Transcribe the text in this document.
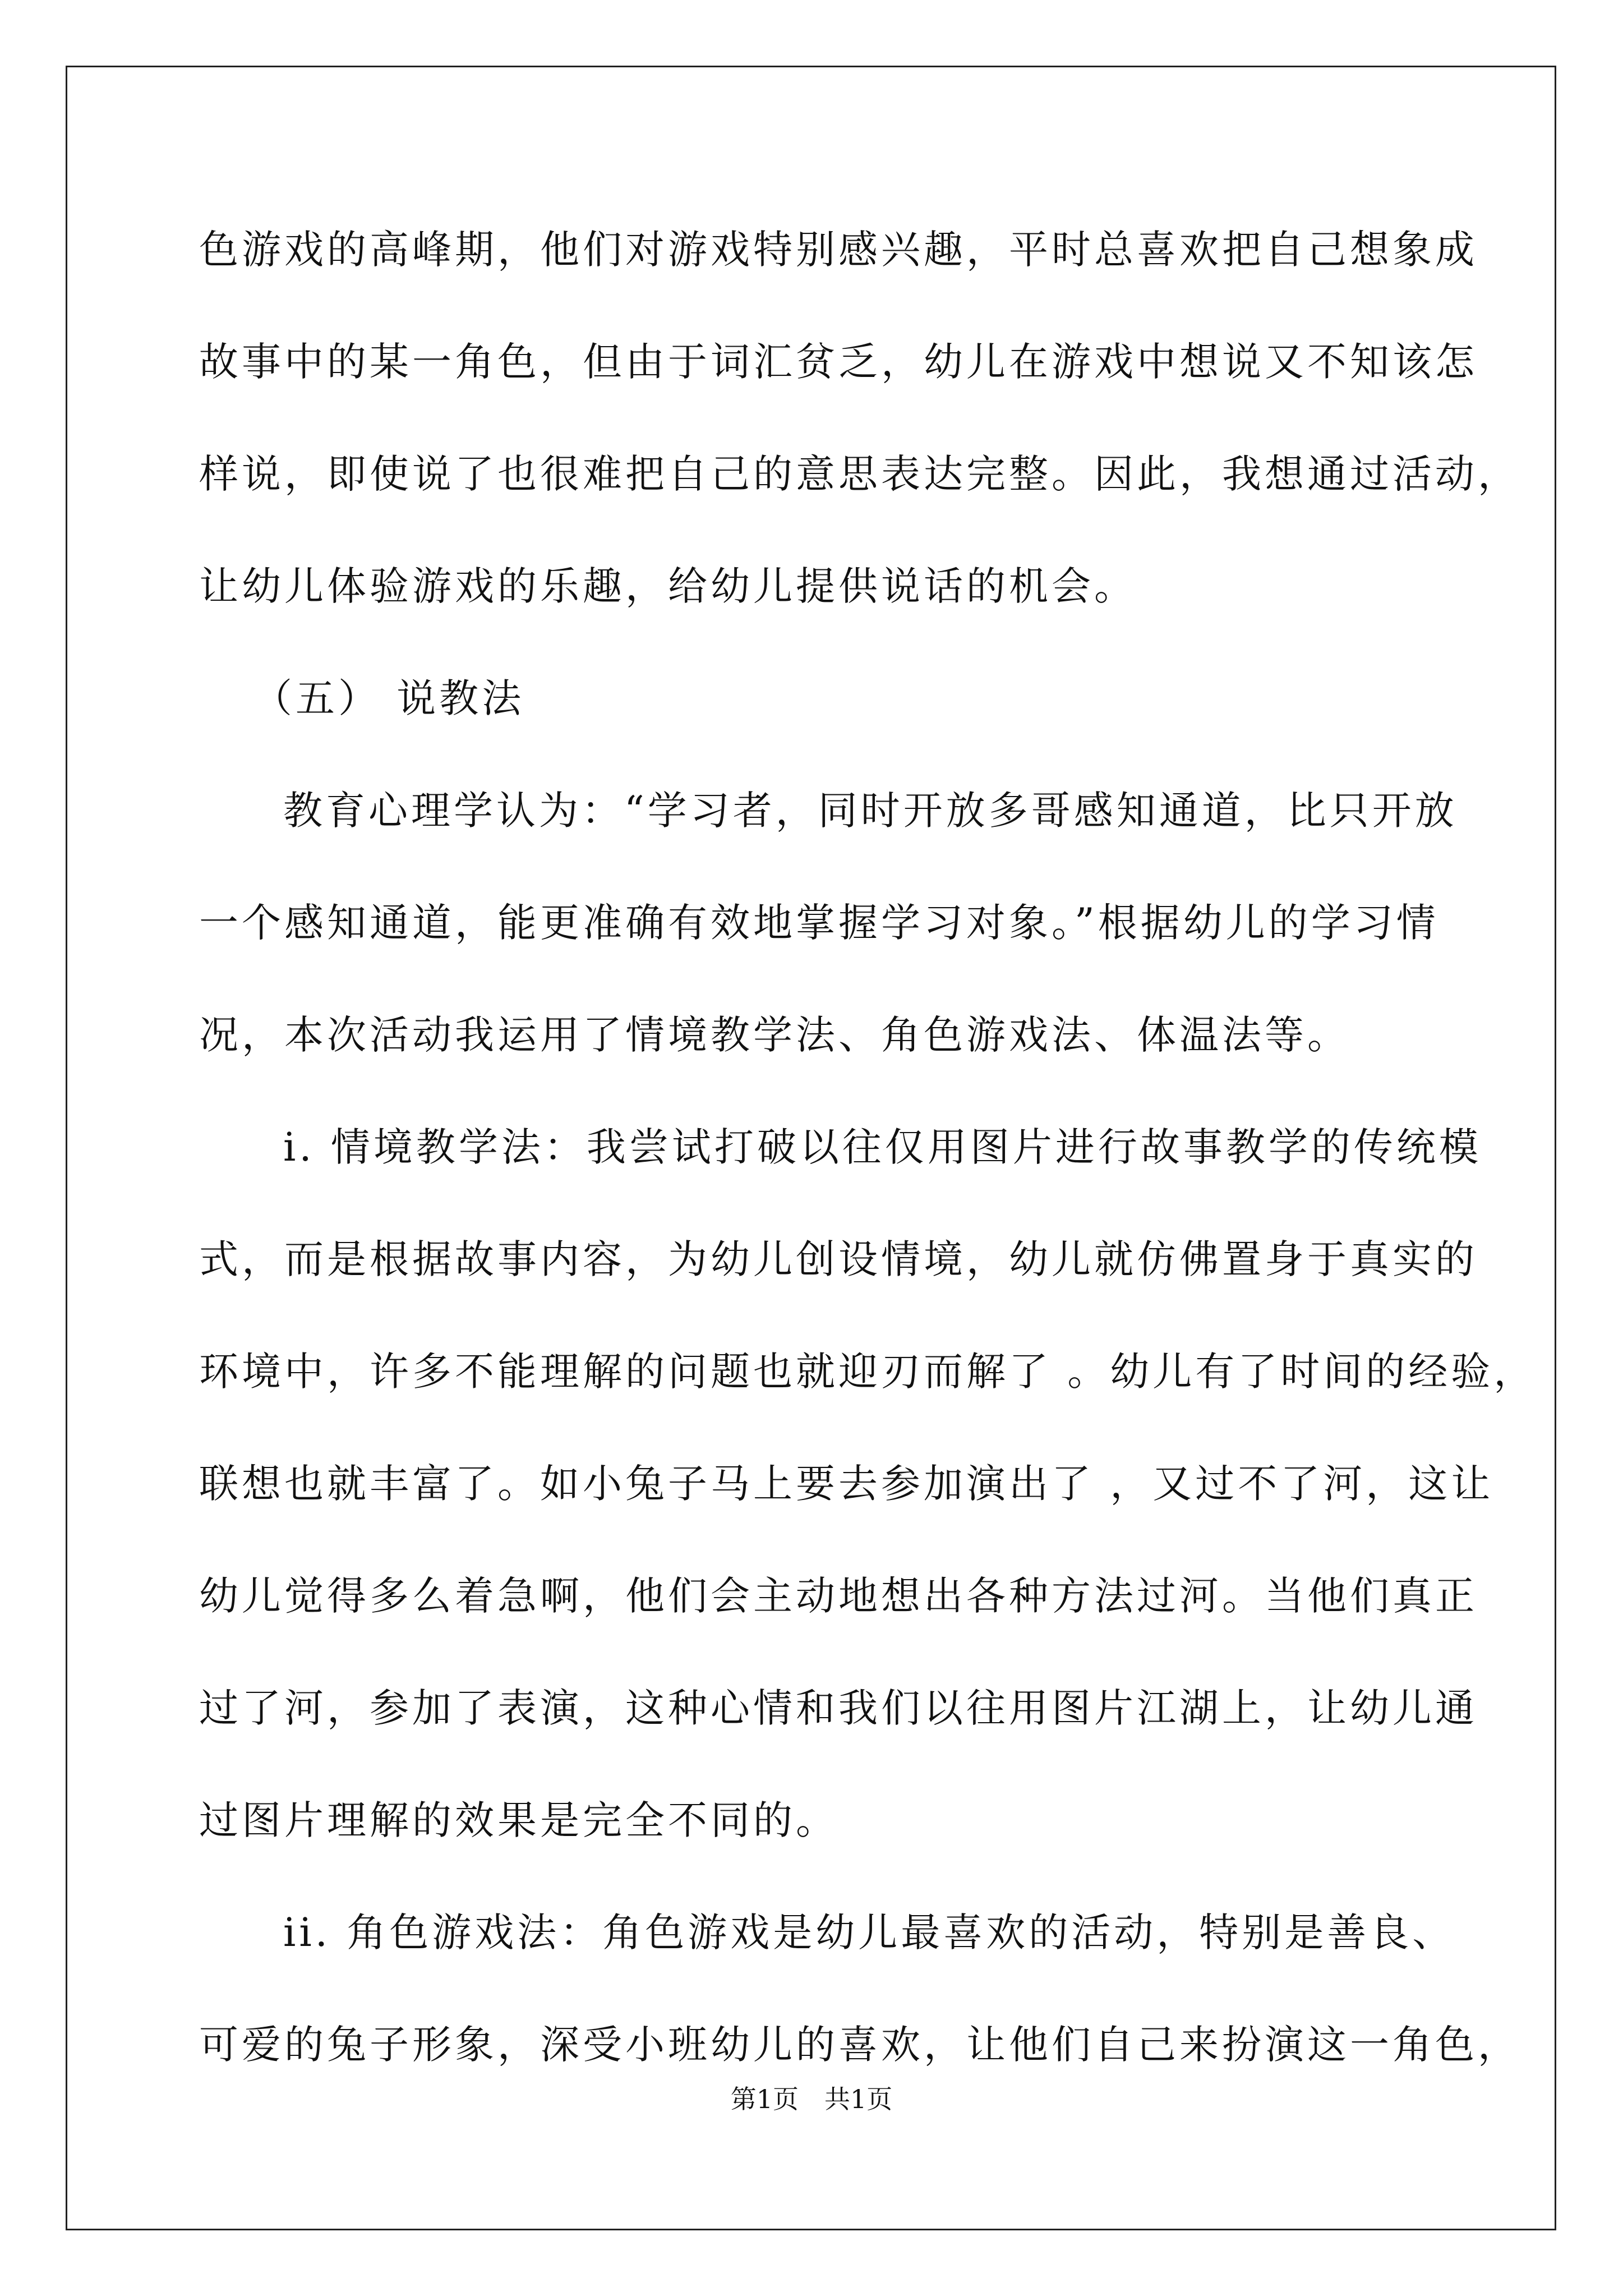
色游戏的高峰期，他们对游戏特别感兴趣，平时总喜欢把自己想象成
故事中的某一角色，但由于词汇贫乏，幼儿在游戏中想说又不知该怎
样说，即使说了也很难把自己的意思表达完整。因此，我想通过活动，
让幼儿体验游戏的乐趣，给幼儿提供说话的机会。
（五） 说教法
教育心理学认为：“学习者，同时开放多哥感知通道，比只开放
一个感知通道，能更准确有效地掌握学习对象。”根据幼儿的学习情
况，本次活动我运用了情境教学法、角色游戏法、体温法等。
i. 情境教学法：我尝试打破以往仅用图片进行故事教学的传统模
式，而是根据故事内容，为幼儿创设情境，幼儿就仿佛置身于真实的
环境中，许多不能理解的问题也就迎刃而解了 。幼儿有了时间的经验，
联想也就丰富了。如小兔子马上要去参加演出了 ，又过不了河，这让
幼儿觉得多么着急啊，他们会主动地想出各种方法过河。当他们真正
过了河，参加了表演，这种心情和我们以往用图片江湖上，让幼儿通
过图片理解的效果是完全不同的。
ii. 角色游戏法：角色游戏是幼儿最喜欢的活动，特别是善良、
可爱的兔子形象，深受小班幼儿的喜欢，让他们自己来扮演这一角色，
第1页　共1页
